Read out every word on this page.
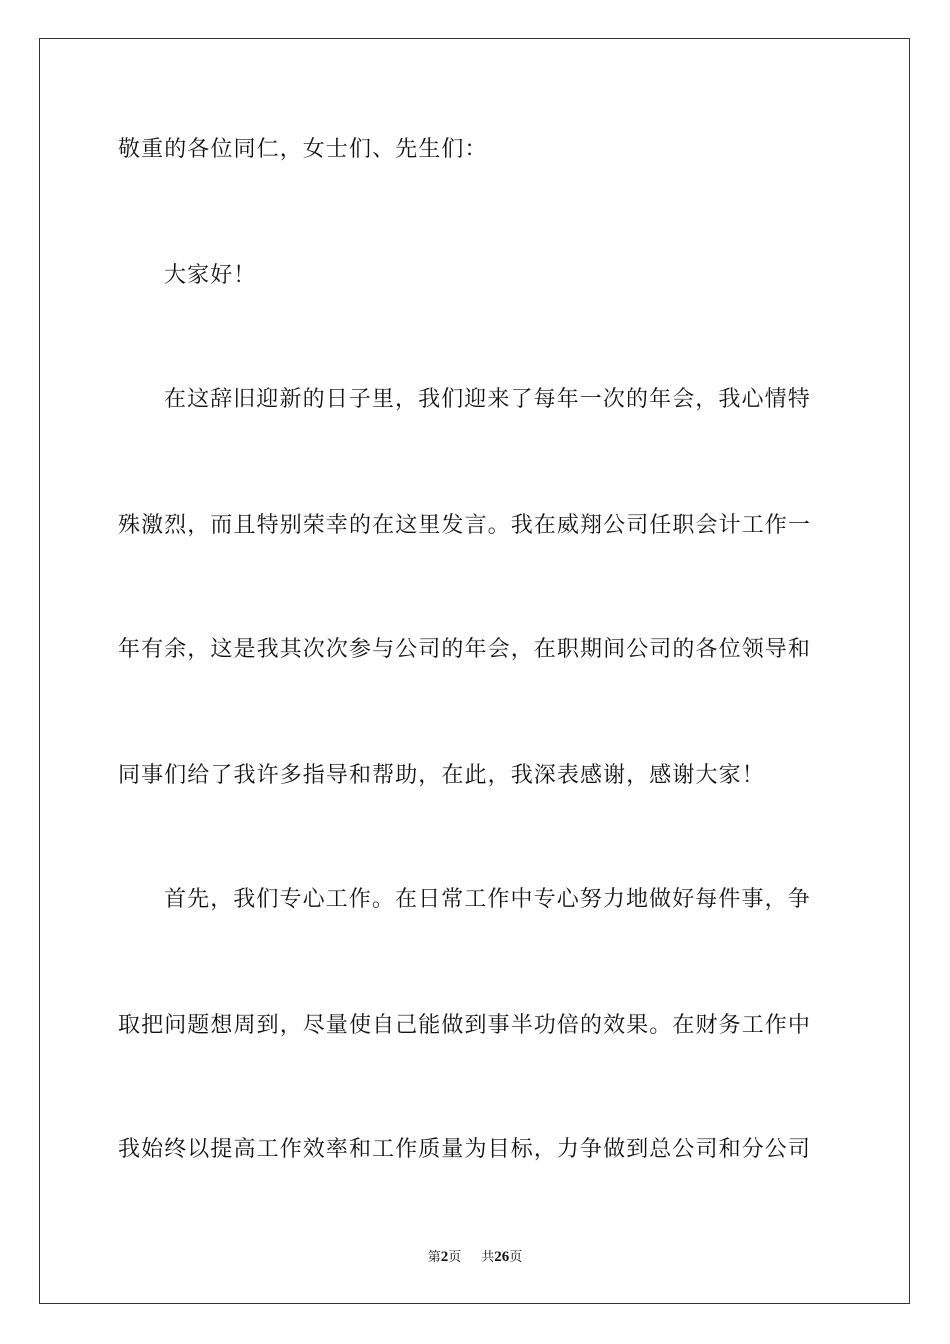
敬重的各位同仁，女士们、先生们：
大家好！
在这辞旧迎新的日子里，我们迎来了每年一次的年会，我心情特
殊激烈，而且特别荣幸的在这里发言。我在威翔公司任职会计工作一
年有余，这是我其次次参与公司的年会，在职期间公司的各位领导和
同事们给了我许多指导和帮助，在此，我深表感谢，感谢大家！
首先，我们专心工作。在日常工作中专心努力地做好每件事，争
取把问题想周到，尽量使自己能做到事半功倍的效果。在财务工作中
我始终以提高工作效率和工作质量为目标，力争做到总公司和分公司
第2页 共26页
